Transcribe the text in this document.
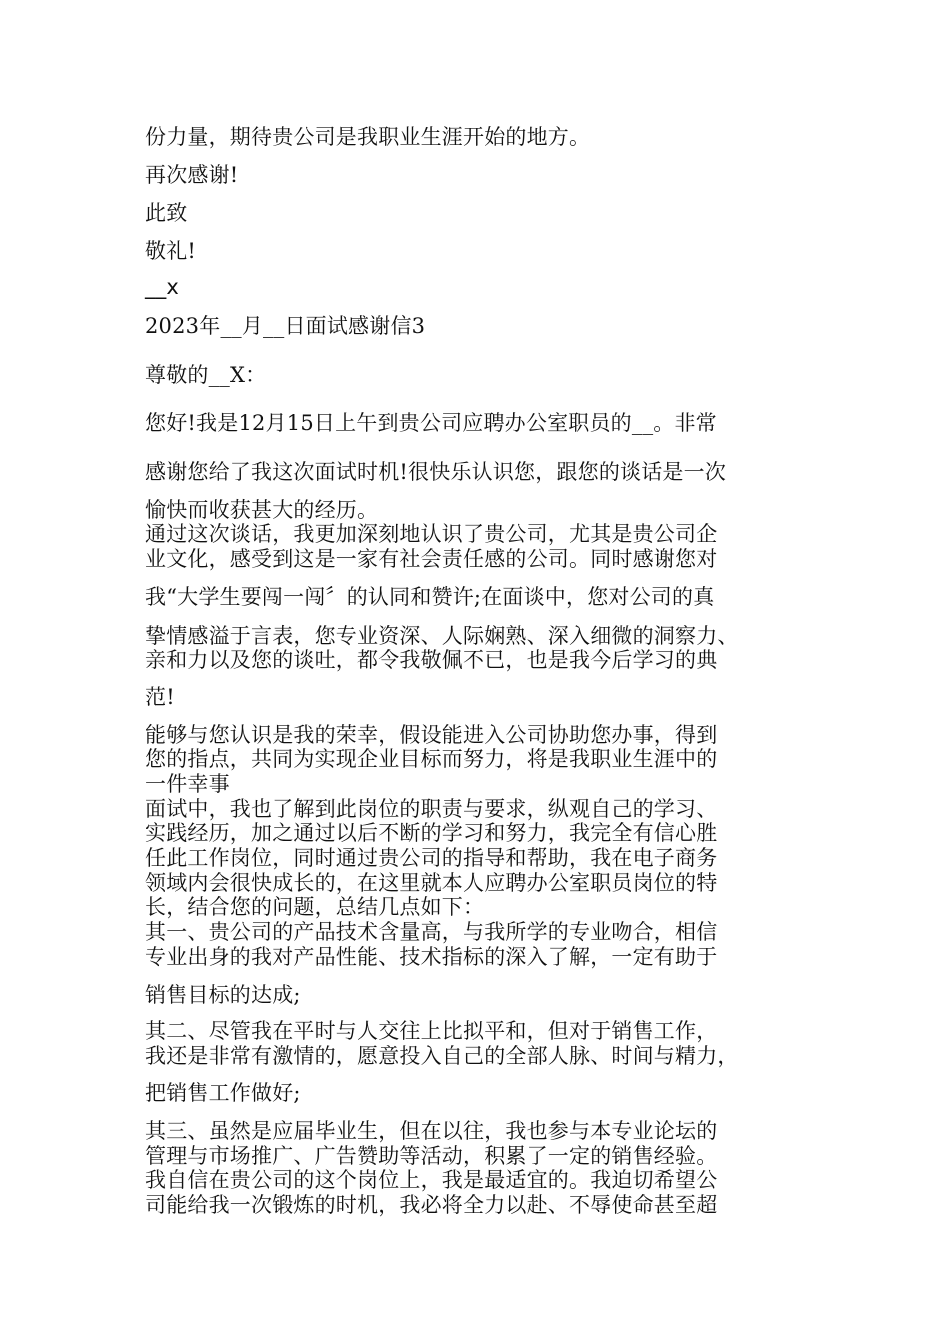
份力量，期待贵公司是我职业生涯开始的地方。
再次感谢!
此致
敬礼!
__x
2023年__月__日面试感谢信3
尊敬的__X：
您好!我是12月15日上午到贵公司应聘办公室职员的__。非常
感谢您给了我这次面试时机!很快乐认识您，跟您的谈话是一次
愉快而收获甚大的经历。
通过这次谈话，我更加深刻地认识了贵公司，尤其是贵公司企
业文化，感受到这是一家有社会责任感的公司。同时感谢您对
我“大学生要闯一闯〞的认同和赞许;在面谈中，您对公司的真
挚情感溢于言表，您专业资深、人际娴熟、深入细微的洞察力、
亲和力以及您的谈吐，都令我敬佩不已，也是我今后学习的典
范!
能够与您认识是我的荣幸，假设能进入公司协助您办事，得到
您的指点，共同为实现企业目标而努力，将是我职业生涯中的
一件幸事
面试中，我也了解到此岗位的职责与要求，纵观自己的学习、
实践经历，加之通过以后不断的学习和努力，我完全有信心胜
任此工作岗位，同时通过贵公司的指导和帮助，我在电子商务
领域内会很快成长的，在这里就本人应聘办公室职员岗位的特
长，结合您的问题，总结几点如下：
其一、贵公司的产品技术含量高，与我所学的专业吻合，相信
专业出身的我对产品性能、技术指标的深入了解，一定有助于
销售目标的达成;
其二、尽管我在平时与人交往上比拟平和，但对于销售工作，
我还是非常有激情的，愿意投入自己的全部人脉、时间与精力，
把销售工作做好;
其三、虽然是应届毕业生，但在以往，我也参与本专业论坛的
管理与市场推广、广告赞助等活动，积累了一定的销售经验。
我自信在贵公司的这个岗位上，我是最适宜的。我迫切希望公
司能给我一次锻炼的时机，我必将全力以赴、不辱使命甚至超
